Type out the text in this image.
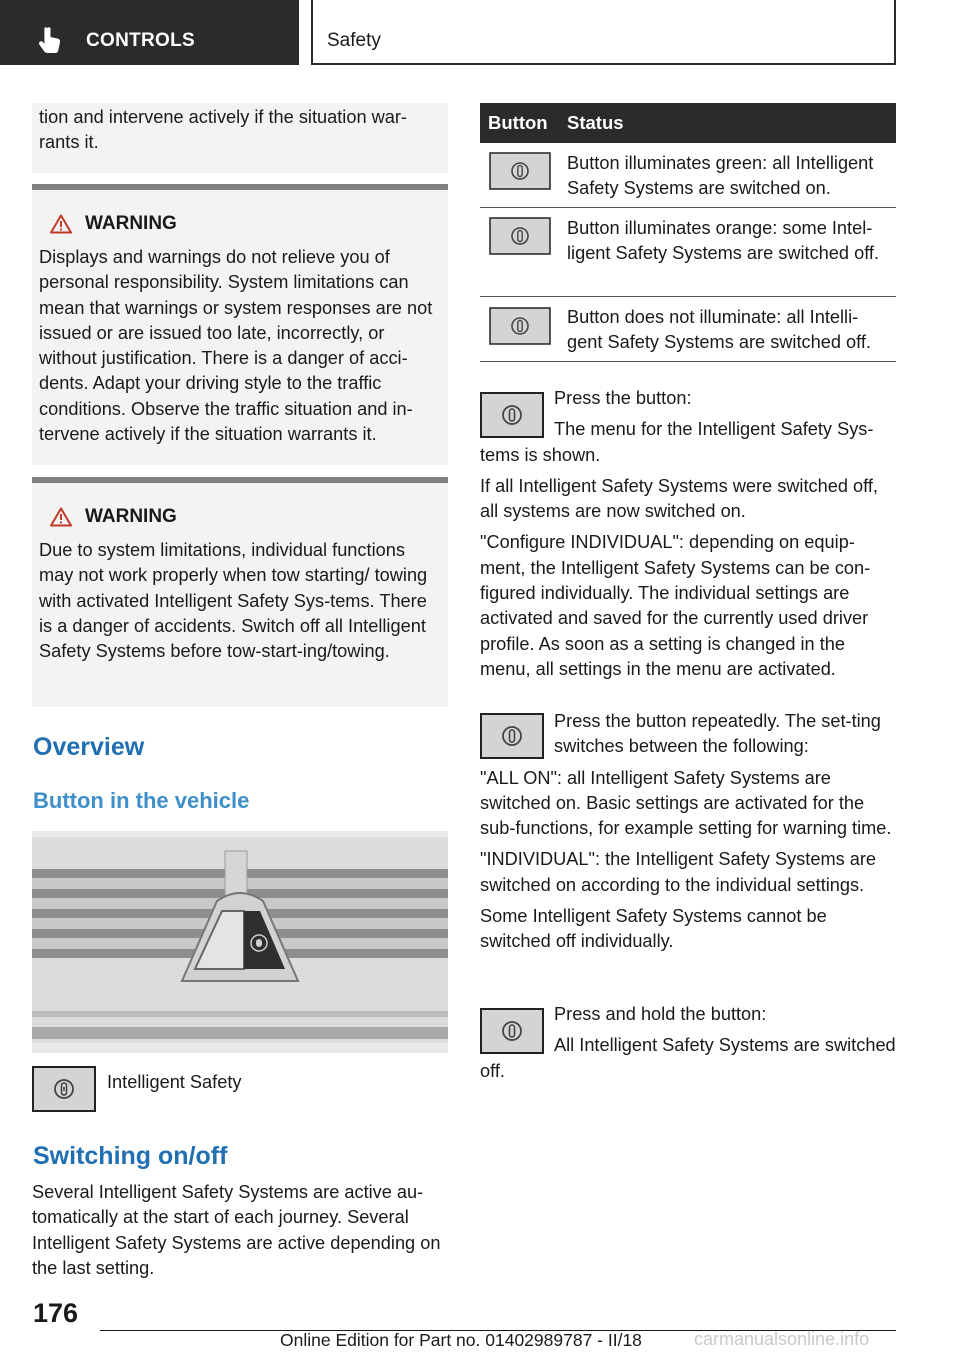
CONTROLS	Safety
tion and intervene actively if the situation war-
rants it.
WARNING

Displays and warnings do not relieve you of personal responsibility. System limitations can mean that warnings or system responses are not issued or are issued too late, incorrectly, or without justification. There is a danger of acci-dents. Adapt your driving style to the traffic conditions. Observe the traffic situation and in-tervene actively if the situation warrants it.

WARNING

Due to system limitations, individual functions may not work properly when tow starting/ towing with activated Intelligent Safety Sys-tems. There is a danger of accidents. Switch off all Intelligent Safety Systems before tow-start-ing/towing.

Overview
Button in the vehicle
Intelligent Safety
Switching on/off

Several Intelligent Safety Systems are active au-tomatically at the start of each journey. Several Intelligent Safety Systems are active depending on the last setting.

Button	Status

Button illuminates green: all Intelligent Safety Systems are switched on.

Button illuminates orange: some Intel-ligent Safety Systems are switched off.

Button does not illuminate: all Intelli-gent Safety Systems are switched off.

Press the button:

The menu for the Intelligent Safety Sys-tems is shown.

If all Intelligent Safety Systems were switched off, all systems are now switched on.

"Configure INDIVIDUAL": depending on equip-ment, the Intelligent Safety Systems can be con-figured individually. The individual settings are activated and saved for the currently used driver profile. As soon as a setting is changed in the menu, all settings in the menu are activated.

Press the button repeatedly. The set-ting switches between the following:

"ALL ON": all Intelligent Safety Systems are switched on. Basic settings are activated for the sub-functions, for example setting for warning time.

"INDIVIDUAL": the Intelligent Safety Systems are switched on according to the individual settings.

Some Intelligent Safety Systems cannot be switched off individually.

Press and hold the button:

All Intelligent Safety Systems are switched off.

176
Online Edition for Part no. 01402989787 - II/18	carmanualsonline.info
